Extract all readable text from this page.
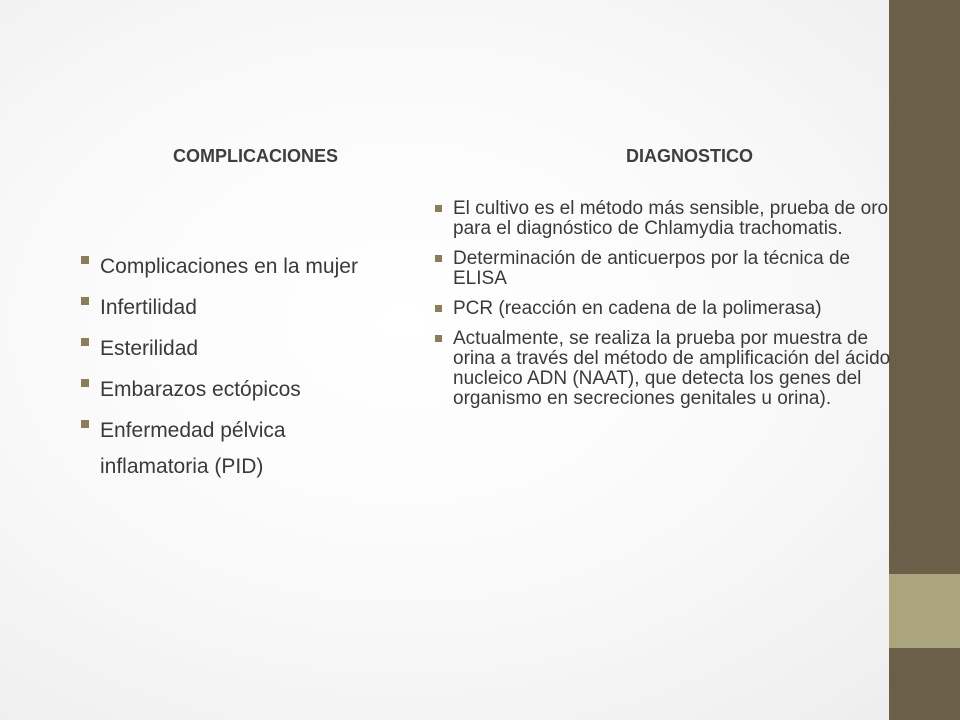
COMPLICACIONES	DIAGNOSTICO
Complicaciones en la mujer
Infertilidad
Esterilidad
Embarazos ectópicos
Enfermedad pélvica inflamatoria (PID)
El cultivo es el método más sensible, prueba de oro para el diagnóstico de Chlamydia trachomatis.
Determinación de anticuerpos por la técnica de ELISA
PCR (reacción en cadena de la polimerasa)
Actualmente, se realiza la prueba por muestra de orina a través del método de amplificación del ácido nucleico ADN (NAAT), que detecta los genes del organismo en secreciones genitales u orina).
